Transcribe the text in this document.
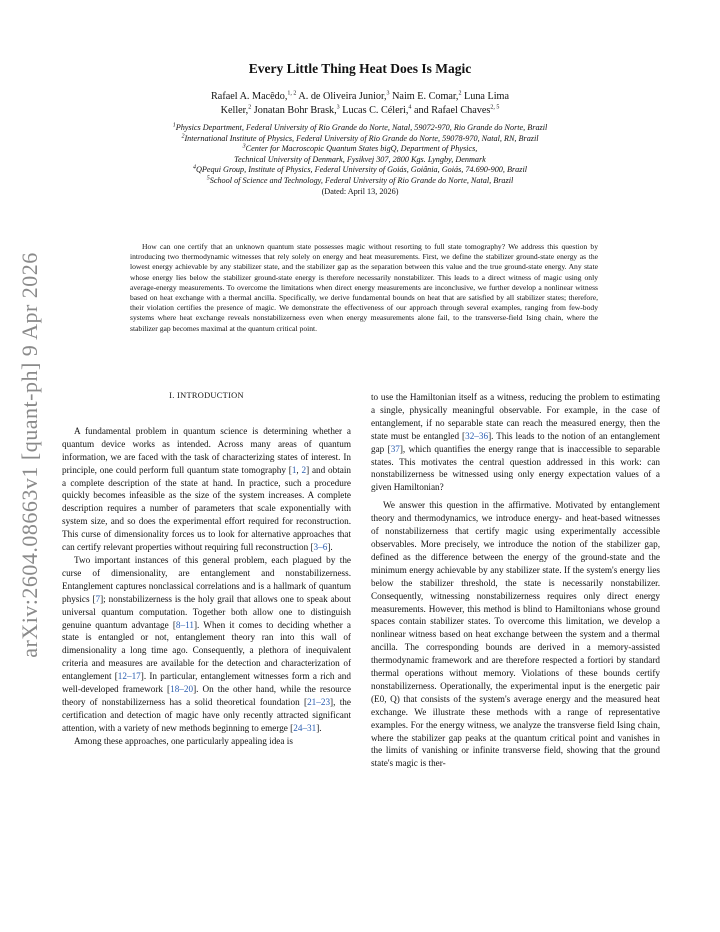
arXiv:2604.08663v1 [quant-ph] 9 Apr 2026
Every Little Thing Heat Does Is Magic
Rafael A. Macêdo,$^{1, 2}$ A. de Oliveira Junior,$^3$ Naim E. Comar,$^2$ Luna Lima
Keller,$^2$ Jonatan Bohr Brask,$^3$ Lucas C. Céleri,$^4$ and Rafael Chaves$^{2, 5}$
$^1$Physics Department, Federal University of Rio Grande do Norte, Natal, 59072-970, Rio Grande do Norte, Brazil
$^2$International Institute of Physics, Federal University of Rio Grande do Norte, 59078-970, Natal, RN, Brazil
$^3$Center for Macroscopic Quantum States bigQ, Department of Physics,
Technical University of Denmark, Fysikvej 307, 2800 Kgs. Lyngby, Denmark
$^4$QPequi Group, Institute of Physics, Federal University of Goiás, Goiânia, Goiás, 74.690-900, Brazil
$^5$School of Science and Technology, Federal University of Rio Grande do Norte, Natal, Brazil
(Dated: April 13, 2026)
How can one certify that an unknown quantum state possesses magic without resorting to full state tomography? We address this question by introducing two thermodynamic witnesses that rely solely on energy and heat measurements. First, we define the stabilizer ground-state energy as the lowest energy achievable by any stabilizer state, and the stabilizer gap as the separation between this value and the true ground-state energy. Any state whose energy lies below the stabilizer ground-state energy is therefore necessarily nonstabilizer. This leads to a direct witness of magic using only average-energy measurements. To overcome the limitations when direct energy measurements are inconclusive, we further develop a nonlinear witness based on heat exchange with a thermal ancilla. Specifically, we derive fundamental bounds on heat that are satisfied by all stabilizer states; therefore, their violation certifies the presence of magic. We demonstrate the effectiveness of our approach through several examples, ranging from few-body systems where heat exchange reveals nonstabilizerness even when energy measurements alone fail, to the transverse-field Ising chain, where the stabilizer gap becomes maximal at the quantum critical point.
I. INTRODUCTION

A fundamental problem in quantum science is determining whether a quantum device works as intended. Across many areas of quantum information, we are faced with the task of characterizing states of interest. In principle, one could perform full quantum state tomography [1, 2] and obtain a complete description of the state at hand. In practice, such a procedure quickly becomes infeasible as the size of the system increases. A complete description requires a number of parameters that scale exponentially with system size, and so does the experimental effort required for reconstruction. This curse of dimensionality forces us to look for alternative approaches that can certify relevant properties without requiring full reconstruction [3–6].

Two important instances of this general problem, each plagued by the curse of dimensionality, are entanglement and nonstabilizerness. Entanglement captures nonclassical correlations and is a hallmark of quantum physics [7]; nonstabilizerness is the holy grail that allows one to speak about universal quantum computation. Together both allow one to distinguish genuine quantum advantage [8–11]. When it comes to deciding whether a state is entangled or not, entanglement theory ran into this wall of dimensionality a long time ago. Consequently, a plethora of inequivalent criteria and measures are available for the detection and characterization of entanglement [12–17]. In particular, entanglement witnesses form a rich and well-developed framework [18–20]. On the other hand, while the resource theory of nonstabilizerness has a solid theoretical foundation [21–23], the certification and detection of magic have only recently attracted significant attention, with a variety of new methods beginning to emerge [24–31].

Among these approaches, one particularly appealing idea is

to use the Hamiltonian itself as a witness, reducing the problem to estimating a single, physically meaningful observable. For example, in the case of entanglement, if no separable state can reach the measured energy, then the state must be entangled [32–36]. This leads to the notion of an entanglement gap [37], which quantifies the energy range that is inaccessible to separable states. This motivates the central question addressed in this work: can nonstabilizerness be witnessed using only energy expectation values of a given Hamiltonian?

We answer this question in the affirmative. Motivated by entanglement theory and thermodynamics, we introduce energy- and heat-based witnesses of nonstabilizerness that certify magic using experimentally accessible observables. More precisely, we introduce the notion of the stabilizer gap, defined as the difference between the energy of the ground-state and the minimum energy achievable by any stabilizer state. If the system's energy lies below the stabilizer threshold, the state is necessarily nonstabilizer. Consequently, witnessing nonstabilizerness requires only direct energy measurements. However, this method is blind to Hamiltonians whose ground spaces contain stabilizer states. To overcome this limitation, we develop a nonlinear witness based on heat exchange between the system and a thermal ancilla. The corresponding bounds are derived in a memory-assisted thermodynamic framework and are therefore respected a fortiori by standard thermal operations without memory. Violations of these bounds certify nonstabilizerness. Operationally, the experimental input is the energetic pair (E0, Q) that consists of the system's average energy and the measured heat exchange. We illustrate these methods with a range of representative examples. For the energy witness, we analyze the transverse field Ising chain, where the stabilizer gap peaks at the quantum critical point and vanishes in the limits of vanishing or infinite transverse field, showing that the ground state's magic is ther-
